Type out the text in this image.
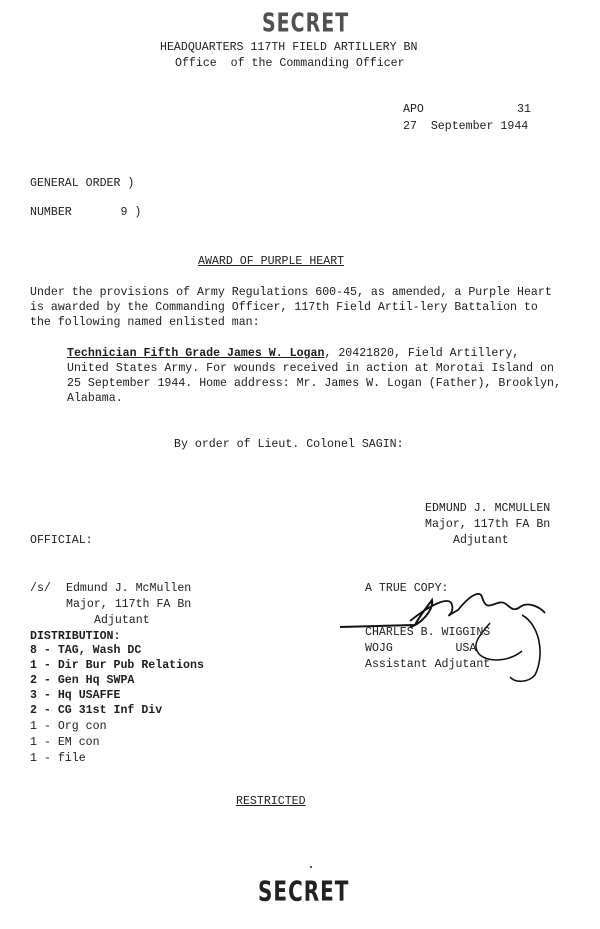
SECRET
HEADQUARTERS 117TH FIELD ARTILLERY BN
Office  of the Commanding Officer
APO	31
27  September 1944
GENERAL ORDER )
NUMBER       9 )
AWARD OF PURPLE HEART
Under the provisions of Army Regulations 600-45, as amended, a Purple Heart is awarded by the Commanding Officer, 117th Field Artil-lery Battalion to the following named enlisted man:
Technician Fifth Grade James W. Logan, 20421820, Field Artillery, United States Army. For wounds received in action at Morotai Island on 25 September 1944. Home address: Mr. James W. Logan (Father), Brooklyn, Alabama.
By order of Lieut. Colonel SAGIN:
EDMUND J. MCMULLEN
Major, 117th FA Bn
Adjutant
OFFICIAL:
/s/ Edmund J. McMullen
Major, 117th FA Bn
Adjutant
A TRUE COPY:
CHARLES B. WIGGINS
WOJG         USA
Assistant Adjutant
DISTRIBUTION:
8 - TAG, Wash DC
1 - Dir Bur Pub Relations
2 - Gen Hq SWPA
3 - Hq USAFFE
2 - CG 31st Inf Div
1 - Org con
1 - EM con
1 - file
RESTRICTED
SECRET
